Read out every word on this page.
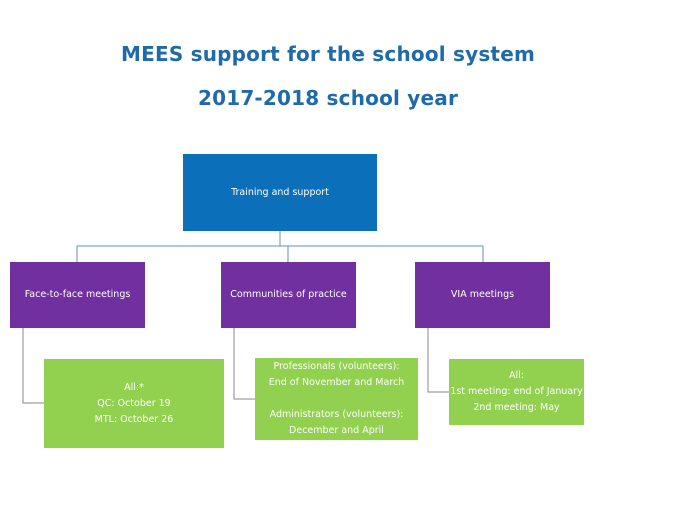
MEES support for the school system
2017-2018 school year
Training and support
Face-to-face meetings	Communities of practice	VIA meetings
All:*
QC: October 19
MTL: October 26
Professionals (volunteers):
End of November and March
Administrators (volunteers):
December and April
All:
1st meeting: end of January
2nd meeting: May
